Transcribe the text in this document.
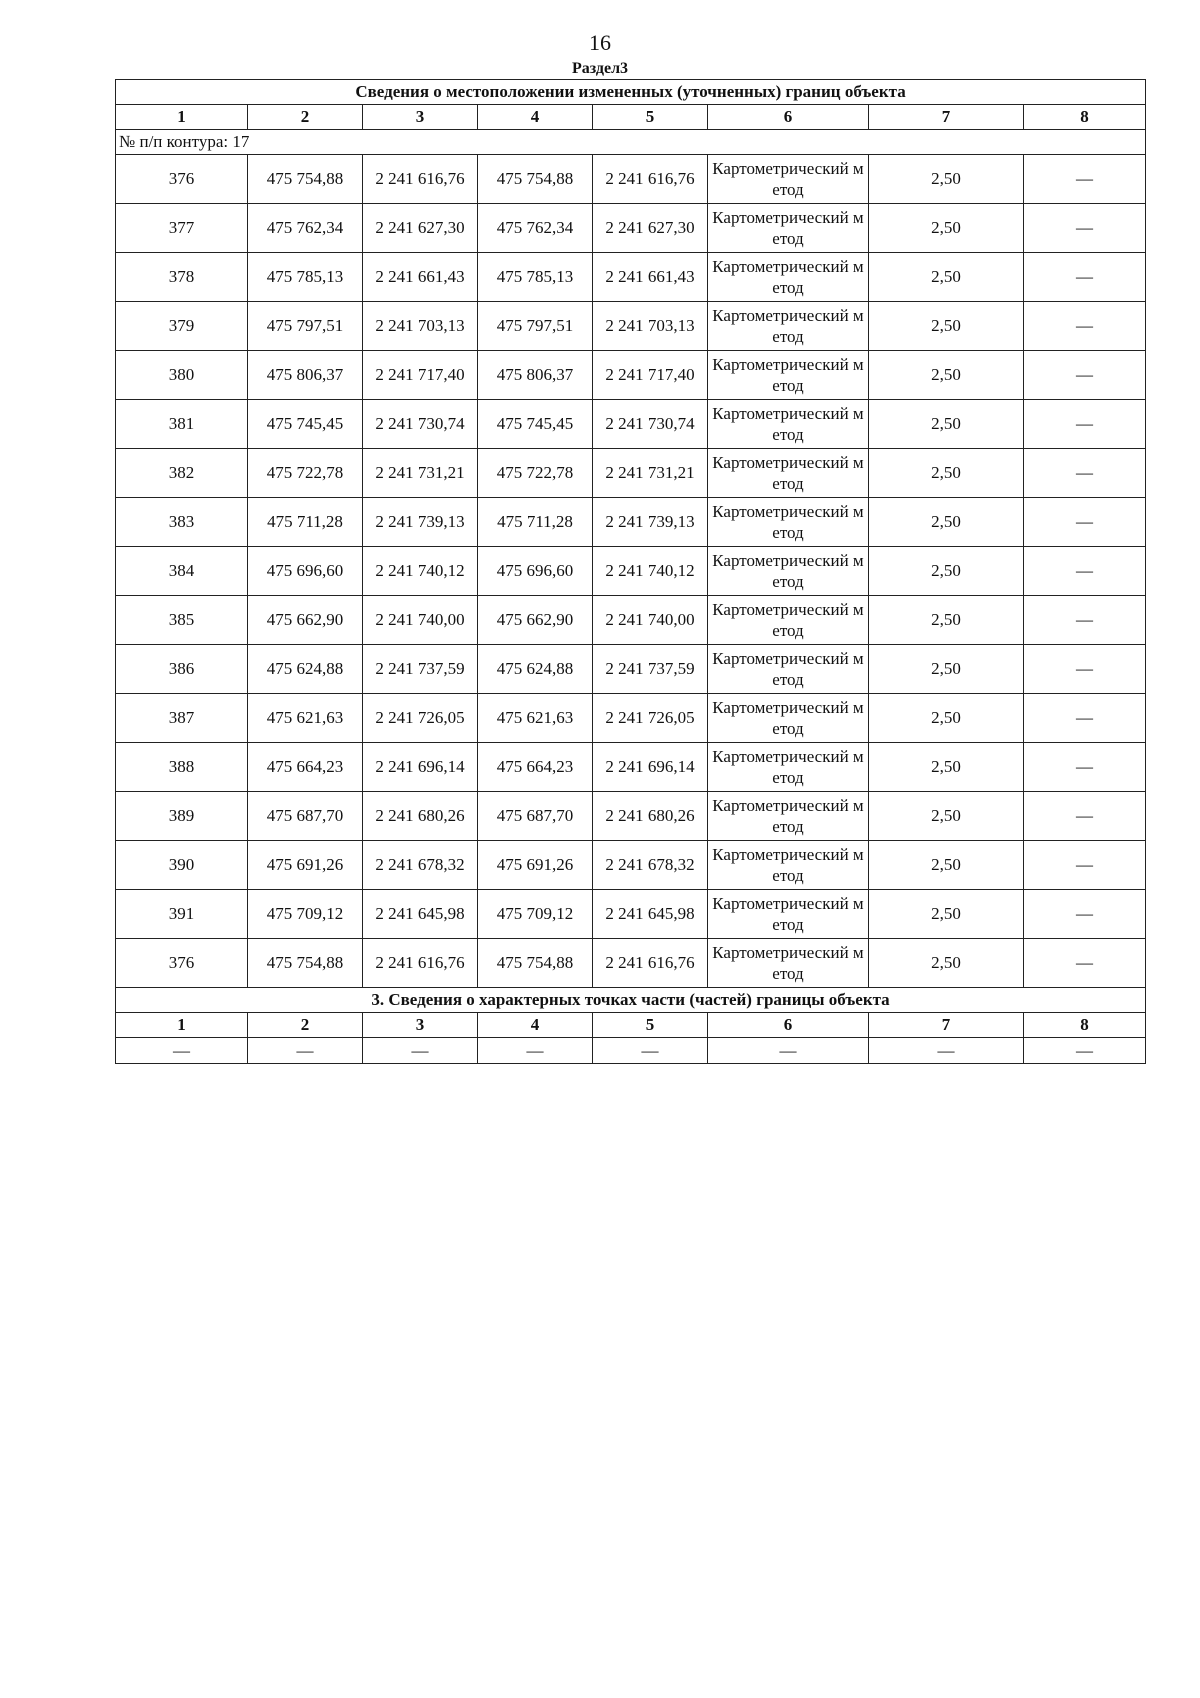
16
Раздел3
Сведения о местоположении измененных (уточненных) границ объекта							
1	2	3	4	5	6	7	8
№ п/п контура: 17							
376	475 754,88	2 241 616,76	475 754,88	2 241 616,76	Картометрический метод	2,50	—
377	475 762,34	2 241 627,30	475 762,34	2 241 627,30	Картометрический метод	2,50	—
378	475 785,13	2 241 661,43	475 785,13	2 241 661,43	Картометрический метод	2,50	—
379	475 797,51	2 241 703,13	475 797,51	2 241 703,13	Картометрический метод	2,50	—
380	475 806,37	2 241 717,40	475 806,37	2 241 717,40	Картометрический метод	2,50	—
381	475 745,45	2 241 730,74	475 745,45	2 241 730,74	Картометрический метод	2,50	—
382	475 722,78	2 241 731,21	475 722,78	2 241 731,21	Картометрический метод	2,50	—
383	475 711,28	2 241 739,13	475 711,28	2 241 739,13	Картометрический метод	2,50	—
384	475 696,60	2 241 740,12	475 696,60	2 241 740,12	Картометрический метод	2,50	—
385	475 662,90	2 241 740,00	475 662,90	2 241 740,00	Картометрический метод	2,50	—
386	475 624,88	2 241 737,59	475 624,88	2 241 737,59	Картометрический метод	2,50	—
387	475 621,63	2 241 726,05	475 621,63	2 241 726,05	Картометрический метод	2,50	—
388	475 664,23	2 241 696,14	475 664,23	2 241 696,14	Картометрический метод	2,50	—
389	475 687,70	2 241 680,26	475 687,70	2 241 680,26	Картометрический метод	2,50	—
390	475 691,26	2 241 678,32	475 691,26	2 241 678,32	Картометрический метод	2,50	—
391	475 709,12	2 241 645,98	475 709,12	2 241 645,98	Картометрический метод	2,50	—
376	475 754,88	2 241 616,76	475 754,88	2 241 616,76	Картометрический метод	2,50	—
3. Сведения о характерных точках части (частей) границы объекта							
1	2	3	4	5	6	7	8
—	—	—	—	—	—	—	—
